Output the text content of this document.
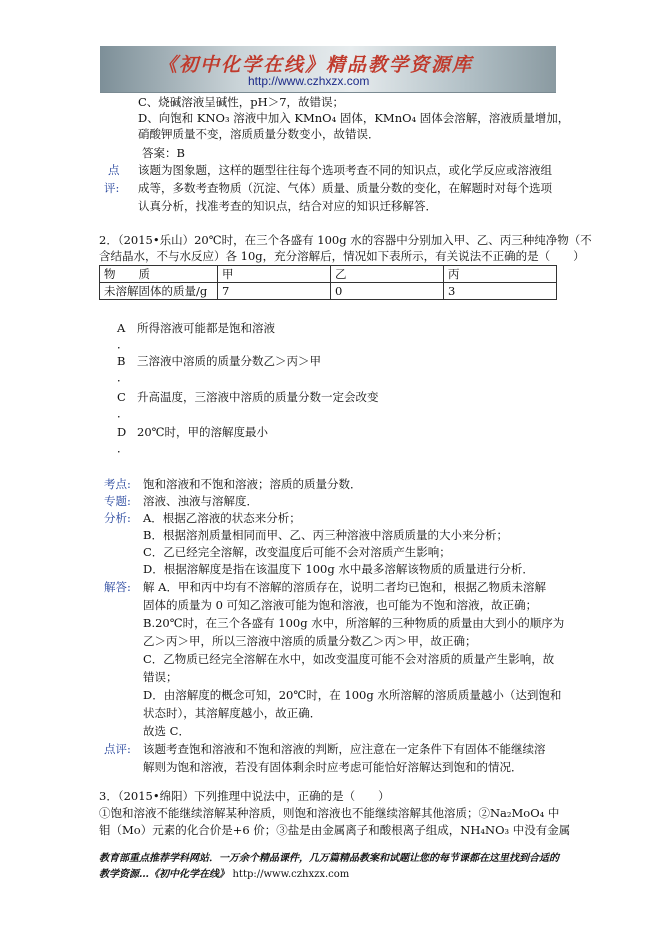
《初中化学在线》精品教学资源库
http://www.czhxzx.com
C、烧碱溶液呈碱性，pH＞7，故错误；
D、向饱和 KNO₃ 溶液中加入 KMnO₄ 固体，KMnO₄ 固体会溶解，溶液质量增加，
硝酸钾质量不变，溶质质量分数变小，故错误．
答案：B
点
评:
该题为图象题，这样的题型往往每个选项考查不同的知识点，或化学反应或溶液组
成等，多数考查物质（沉淀、气体）质量、质量分数的变化，在解题时对每个选项
认真分析，找准考查的知识点，结合对应的知识迁移解答．
2．（2015•乐山）20℃时，在三个各盛有 100g 水的容器中分别加入甲、乙、丙三种纯净物（不
含结晶水，不与水反应）各 10g，充分溶解后，情况如下表所示，有关说法不正确的是（　　）
物　　质	甲	乙	丙
未溶解固体的质量/g	7	0	3
A 所得溶液可能都是饱和溶液
．
B 三溶液中溶质的质量分数乙＞丙＞甲
．
C 升高温度，三溶液中溶质的质量分数一定会改变
．
D 20℃时，甲的溶解度最小
．
考点: 饱和溶液和不饱和溶液；溶质的质量分数．
专题: 溶液、浊液与溶解度．
分析: A．根据乙溶液的状态来分析；
B．根据溶剂质量相同而甲、乙、丙三种溶液中溶质质量的大小来分析；
C．乙已经完全溶解，改变温度后可能不会对溶质产生影响；
D．根据溶解度是指在该温度下 100g 水中最多溶解该物质的质量进行分析．
解答: 解 A．甲和丙中均有不溶解的溶质存在，说明二者均已饱和，根据乙物质未溶解
固体的质量为 0 可知乙溶液可能为饱和溶液，也可能为不饱和溶液，故正确；
B.20℃时，在三个各盛有 100g 水中，所溶解的三种物质的质量由大到小的顺序为
乙＞丙＞甲，所以三溶液中溶质的质量分数乙＞丙＞甲，故正确；
C．乙物质已经完全溶解在水中，如改变温度可能不会对溶质的质量产生影响，故
错误；
D．由溶解度的概念可知，20℃时，在 100g 水所溶解的溶质质量越小（达到饱和
状态时），其溶解度越小，故正确．
故选 C．
点评: 该题考查饱和溶液和不饱和溶液的判断，应注意在一定条件下有固体不能继续溶
解则为饱和溶液，若没有固体剩余时应考虑可能恰好溶解达到饱和的情况．
3．（2015•绵阳）下列推理中说法中，正确的是（　　）
①饱和溶液不能继续溶解某种溶质，则饱和溶液也不能继续溶解其他溶质；②Na₂MoO₄ 中
钼（Mo）元素的化合价是+6 价；③盐是由金属离子和酸根离子组成，NH₄NO₃ 中没有金属
教育部重点推荐学科网站．一万余个精品课件，几万篇精品教案和试题让您的每节课都在这里找到合适的
教学资源…《初中化学在线》 http://www.czhxzx.com
